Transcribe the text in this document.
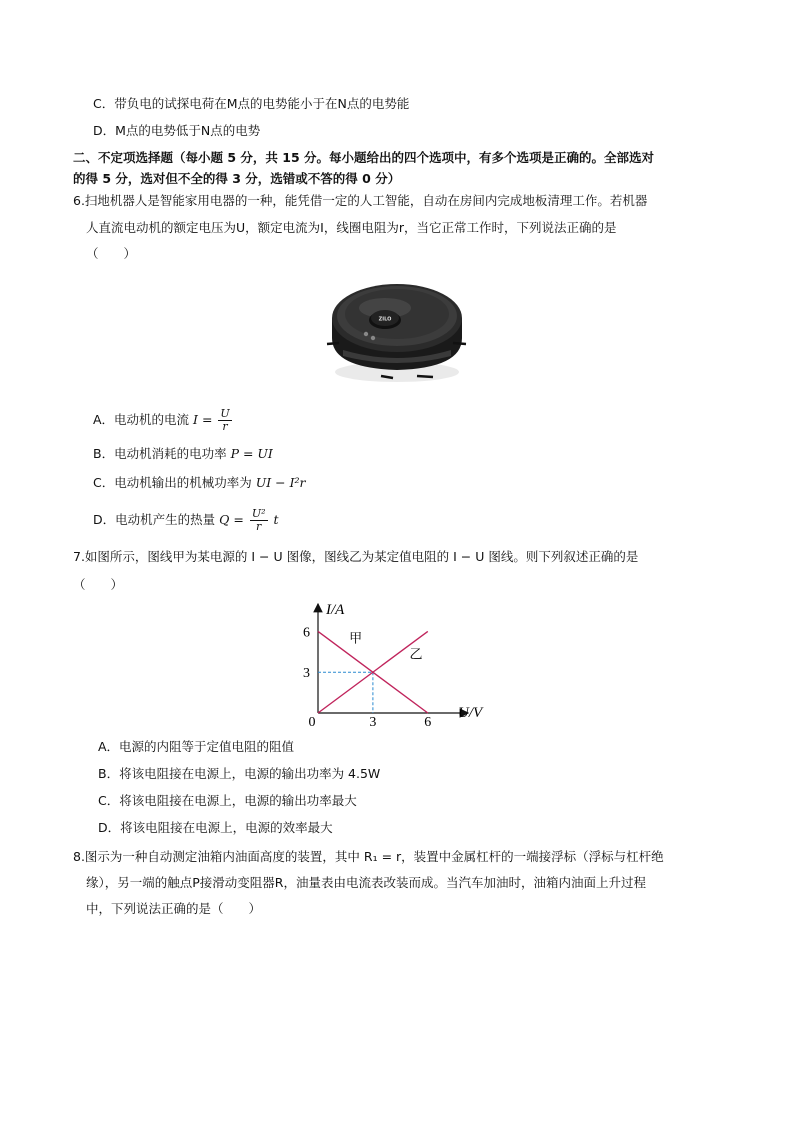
C．带负电的试探电荷在M点的电势能小于在N点的电势能
D．M点的电势低于N点的电势
二、不定项选择题（每小题 5 分，共 15 分。每小题给出的四个选项中，有多个选项是正确的。全部选对
的得 5 分，选对但不全的得 3 分，选错或不答的得 0 分）
6.扫地机器人是智能家用电器的一种，能凭借一定的人工智能，自动在房间内完成地板清理工作。若机器
人直流电动机的额定电压为U，额定电流为I，线圈电阻为r，当它正常工作时，下列说法正确的是
（　　）
ZILO
A．电动机的电流 $I = \frac{U}{r}$
B．电动机消耗的电功率 P = UI
C．电动机输出的机械功率为 UI − I²r
D．电动机产生的热量 $Q = \frac{\text{U²}}{r}$ t
7.如图所示，图线甲为某电源的 I − U 图像，图线乙为某定值电阻的 I − U 图线。则下列叙述正确的是
（　　）
I/A
U/V
0	3	6
3
6	甲
乙
A．电源的内阻等于定值电阻的阻值
B．将该电阻接在电源上，电源的输出功率为 4.5W
C．将该电阻接在电源上，电源的输出功率最大
D．将该电阻接在电源上，电源的效率最大
8.图示为一种自动测定油箱内油面高度的装置，其中 R₁ = r，装置中金属杠杆的一端接浮标（浮标与杠杆绝
缘），另一端的触点P接滑动变阻器R，油量表由电流表改装而成。当汽车加油时，油箱内油面上升过程
中，下列说法正确的是（　　）
